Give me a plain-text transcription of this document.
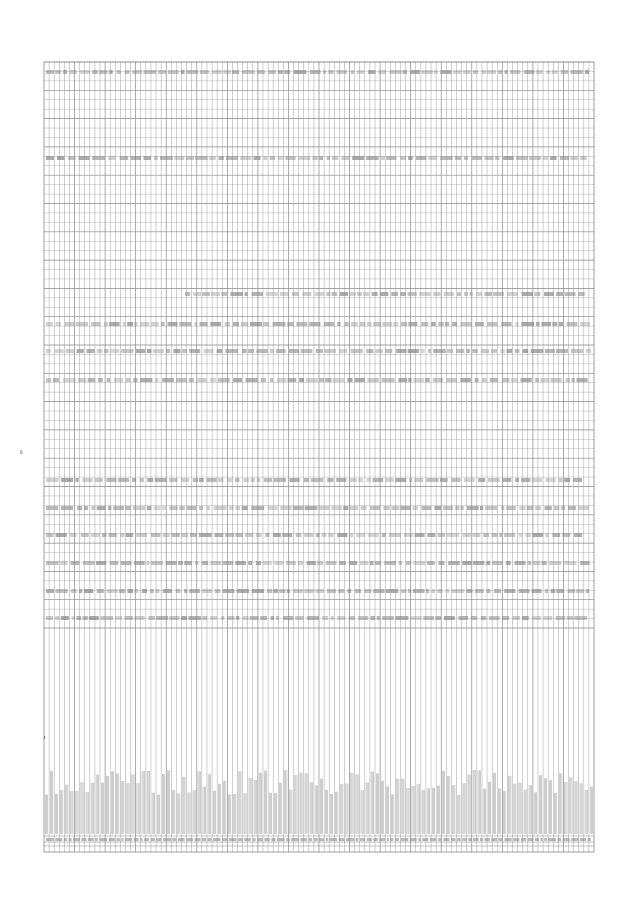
B
